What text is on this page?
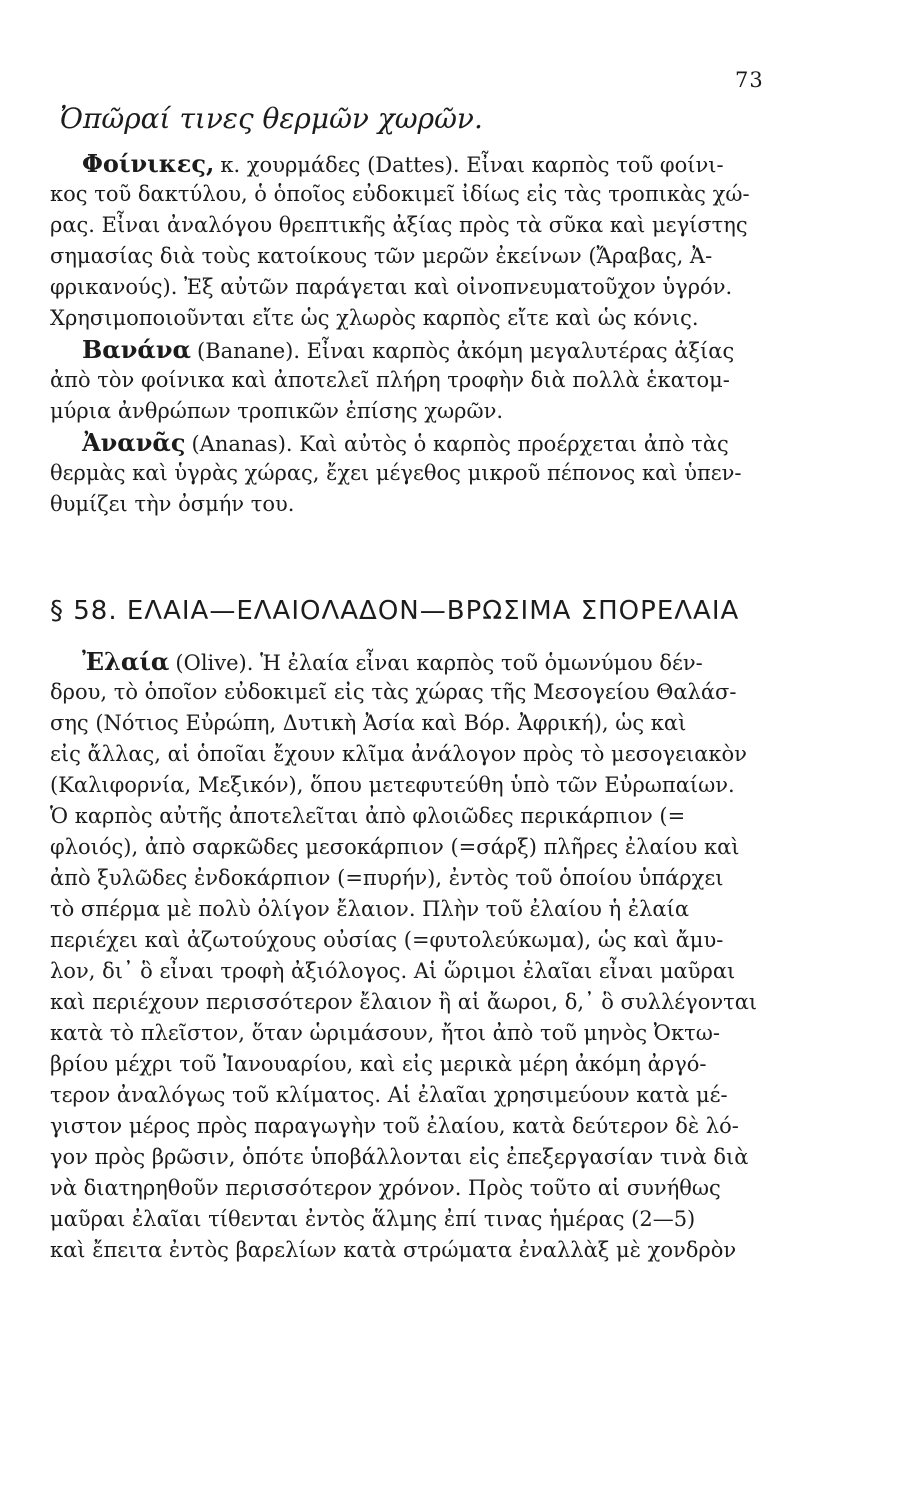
73
Ὀπῶραί τινες θερμῶν χωρῶν.
Φοίνικες, κ. χουρμάδες (Dattes). Εἶναι καρπὸς τοῦ φοίνι-
κος τοῦ δακτύλου, ὁ ὁποῖος εὐδοκιμεῖ ἰδίως εἰς τὰς τροπικὰς χώ-
ρας. Εἶναι ἀναλόγου θρεπτικῆς ἀξίας πρὸς τὰ σῦκα καὶ μεγίστης
σημασίας διὰ τοὺς κατοίκους τῶν μερῶν ἐκείνων (Ἄραβας, Ἀ-
φρικανούς). Ἐξ αὐτῶν παράγεται καὶ οἰνοπνευματοῦχον ὑγρόν.
Χρησιμοποιοῦνται εἴτε ὡς χλωρὸς καρπὸς εἴτε καὶ ὡς κόνις.
Βανάνα (Banane). Εἶναι καρπὸς ἀκόμη μεγαλυτέρας ἀξίας
ἀπὸ τὸν φοίνικα καὶ ἀποτελεῖ πλήρη τροφὴν διὰ πολλὰ ἑκατομ-
μύρια ἀνθρώπων τροπικῶν ἐπίσης χωρῶν.
Ἀνανᾶς (Ananas). Καὶ αὐτὸς ὁ καρπὸς προέρχεται ἀπὸ τὰς
θερμὰς καὶ ὑγρὰς χώρας, ἔχει μέγεθος μικροῦ πέπονος καὶ ὑπεν-
θυμίζει τὴν ὀσμήν του.
§ 58. ΕΛΑΙΑ—ΕΛΑΙΟΛΑΔΟΝ—ΒΡΩΣΙΜΑ ΣΠΟΡΕΛΑΙΑ
Ἐλαία (Olive). Ἡ ἐλαία εἶναι καρπὸς τοῦ ὁμωνύμου δέν-
δρου, τὸ ὁποῖον εὐδοκιμεῖ εἰς τὰς χώρας τῆς Μεσογείου Θαλάσ-
σης (Νότιος Εὐρώπη, Δυτικὴ Ἀσία καὶ Βόρ. Ἀφρική), ὡς καὶ
εἰς ἄλλας, αἱ ὁποῖαι ἔχουν κλῖμα ἀνάλογον πρὸς τὸ μεσογειακὸν
(Καλιφορνία, Μεξικόν), ὅπου μετεφυτεύθη ὑπὸ τῶν Εὐρωπαίων.
Ὁ καρπὸς αὐτῆς ἀποτελεῖται ἀπὸ φλοιῶδες περικάρπιον (=
φλοιός), ἀπὸ σαρκῶδες μεσοκάρπιον (=σάρξ) πλῆρες ἐλαίου καὶ
ἀπὸ ξυλῶδες ἐνδοκάρπιον (=πυρήν), ἐντὸς τοῦ ὁποίου ὑπάρχει
τὸ σπέρμα μὲ πολὺ ὀλίγον ἔλαιον. Πλὴν τοῦ ἐλαίου ἡ ἐλαία
περιέχει καὶ ἀζωτούχους οὐσίας (=φυτολεύκωμα), ὡς καὶ ἄμυ-
λον, δι᾽ ὃ εἶναι τροφὴ ἀξιόλογος. Αἱ ὥριμοι ἐλαῖαι εἶναι μαῦραι
καὶ περιέχουν περισσότερον ἔλαιον ἢ αἱ ἄωροι, δ,᾽ ὃ συλλέγονται
κατὰ τὸ πλεῖστον, ὅταν ὡριμάσουν, ἤτοι ἀπὸ τοῦ μηνὸς Ὀκτω-
βρίου μέχρι τοῦ Ἰανουαρίου, καὶ εἰς μερικὰ μέρη ἀκόμη ἀργό-
τερον ἀναλόγως τοῦ κλίματος. Αἱ ἐλαῖαι χρησιμεύουν κατὰ μέ-
γιστον μέρος πρὸς παραγωγὴν τοῦ ἐλαίου, κατὰ δεύτερον δὲ λό-
γον πρὸς βρῶσιν, ὁπότε ὑποβάλλονται εἰς ἐπεξεργασίαν τινὰ διὰ
νὰ διατηρηθοῦν περισσότερον χρόνον. Πρὸς τοῦτο αἱ συνήθως
μαῦραι ἐλαῖαι τίθενται ἐντὸς ἅλμης ἐπί τινας ἡμέρας (2—5)
καὶ ἔπειτα ἐντὸς βαρελίων κατὰ στρώματα ἐναλλὰξ μὲ χονδρὸν
